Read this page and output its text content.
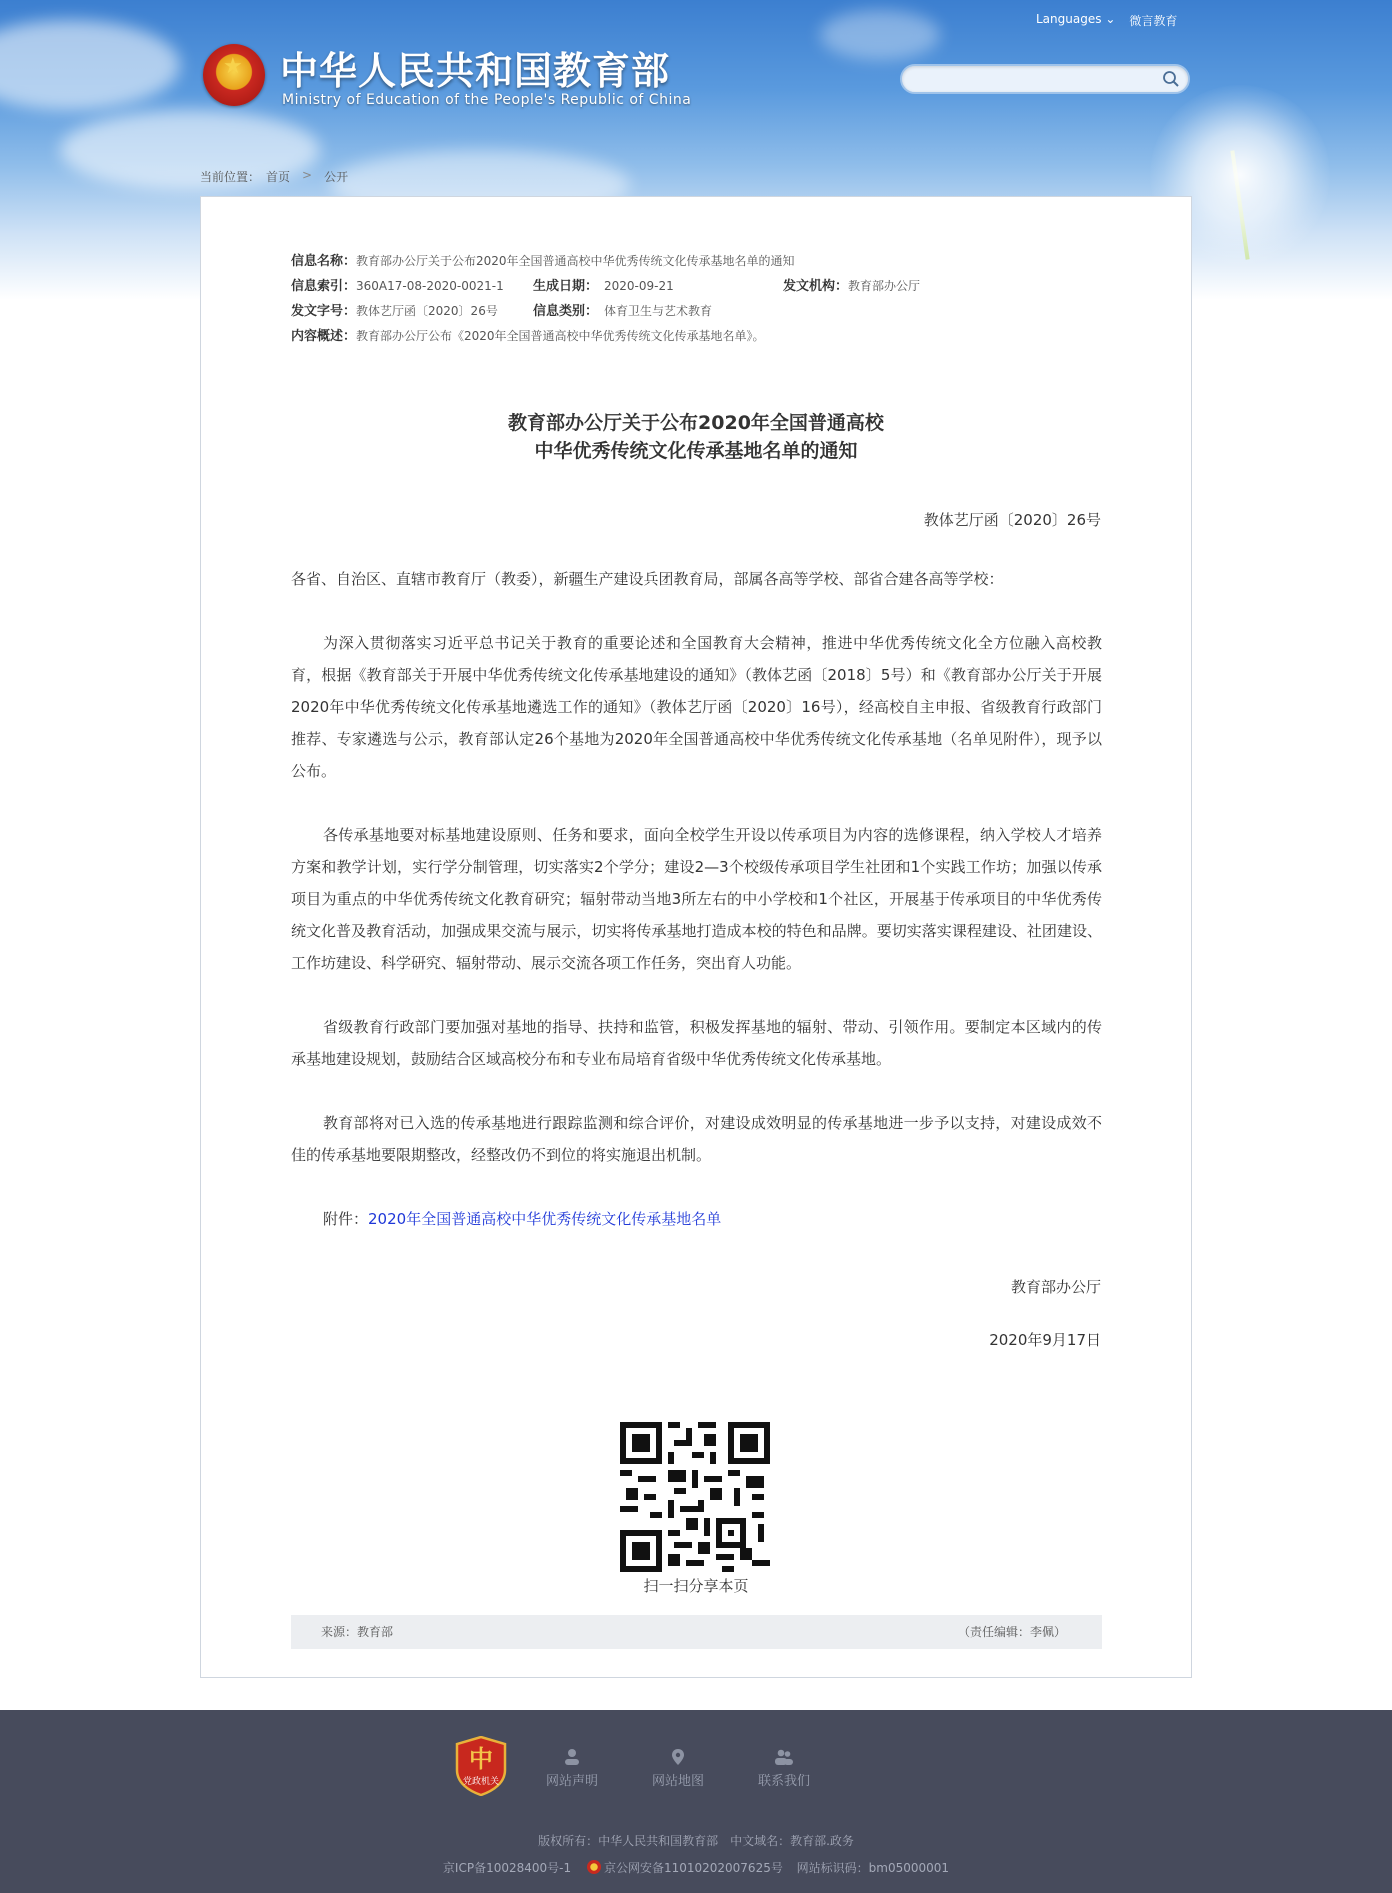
★ 中华人民共和国教育部
Ministry of Education of the People's Republic of China
Languages ⌄ 微言教育
当前位置： 首页 > 公开
信息名称：教育部办公厅关于公布2020年全国普通高校中华优秀传统文化传承基地名单的通知
信息索引：360A17-08-2020-0021-1 生成日期： 2020-09-21	发文机构：教育部办公厅
发文字号：教体艺厅函〔2020〕26号	信息类别： 体育卫生与艺术教育
内容概述：教育部办公厅公布《2020年全国普通高校中华优秀传统文化传承基地名单》。
教育部办公厅关于公布2020年全国普通高校
中华优秀传统文化传承基地名单的通知
教体艺厅函〔2020〕26号

各省、自治区、直辖市教育厅（教委），新疆生产建设兵团教育局，部属各高等学校、部省合建各高等学校：

为深入贯彻落实习近平总书记关于教育的重要论述和全国教育大会精神，推进中华优秀传统文化全方位融入高校教育，根据《教育部关于开展中华优秀传统文化传承基地建设的通知》（教体艺函〔2018〕5号）和《教育部办公厅关于开展2020年中华优秀传统文化传承基地遴选工作的通知》（教体艺厅函〔2020〕16号），经高校自主申报、省级教育行政部门推荐、专家遴选与公示，教育部认定26个基地为2020年全国普通高校中华优秀传统文化传承基地（名单见附件），现予以公布。

各传承基地要对标基地建设原则、任务和要求，面向全校学生开设以传承项目为内容的选修课程，纳入学校人才培养方案和教学计划，实行学分制管理，切实落实2个学分；建设2—3个校级传承项目学生社团和1个实践工作坊；加强以传承项目为重点的中华优秀传统文化教育研究；辐射带动当地3所左右的中小学校和1个社区，开展基于传承项目的中华优秀传统文化普及教育活动，加强成果交流与展示，切实将传承基地打造成本校的特色和品牌。要切实落实课程建设、社团建设、工作坊建设、科学研究、辐射带动、展示交流各项工作任务，突出育人功能。

省级教育行政部门要加强对基地的指导、扶持和监管，积极发挥基地的辐射、带动、引领作用。要制定本区域内的传承基地建设规划，鼓励结合区域高校分布和专业布局培育省级中华优秀传统文化传承基地。

教育部将对已入选的传承基地进行跟踪监测和综合评价，对建设成效明显的传承基地进一步予以支持，对建设成效不佳的传承基地要限期整改，经整改仍不到位的将实施退出机制。

附件：2020年全国普通高校中华优秀传统文化传承基地名单

教育部办公厅
2020年9月17日
扫一扫分享本页
来源：教育部	（责任编辑：李佩）
中
党政机关	网站声明	网站地图	联系我们
版权所有：中华人民共和国教育部　中文域名：教育部.政务
京ICP备10028400号-1	京公网安备11010202007625号 网站标识码：bm05000001
